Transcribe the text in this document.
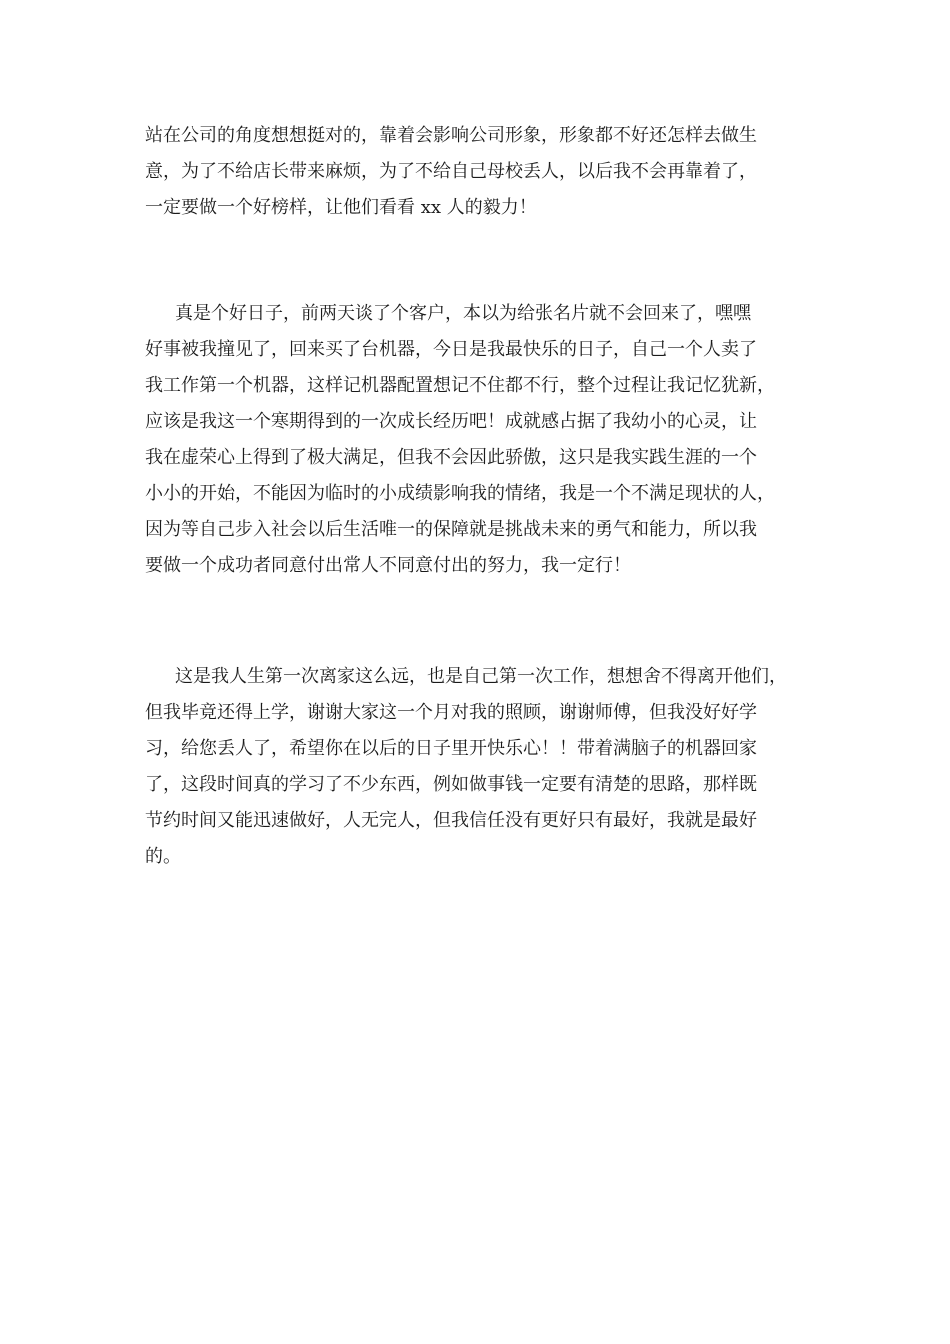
站在公司的角度想想挺对的，靠着会影响公司形象，形象都不好还怎样去做生
意，为了不给店长带来麻烦，为了不给自己母校丢人，以后我不会再靠着了，
一定要做一个好榜样，让他们看看 xx 人的毅力！
真是个好日子，前两天谈了个客户，本以为给张名片就不会回来了，嘿嘿
好事被我撞见了，回来买了台机器，今日是我最快乐的日子，自己一个人卖了
我工作第一个机器，这样记机器配置想记不住都不行，整个过程让我记忆犹新，
应该是我这一个寒期得到的一次成长经历吧！成就感占据了我幼小的心灵，让
我在虚荣心上得到了极大满足，但我不会因此骄傲，这只是我实践生涯的一个
小小的开始，不能因为临时的小成绩影响我的情绪，我是一个不满足现状的人，
因为等自己步入社会以后生活唯一的保障就是挑战未来的勇气和能力，所以我
要做一个成功者同意付出常人不同意付出的努力，我一定行！
这是我人生第一次离家这么远，也是自己第一次工作，想想舍不得离开他们，
但我毕竟还得上学，谢谢大家这一个月对我的照顾，谢谢师傅，但我没好好学
习，给您丢人了，希望你在以后的日子里开快乐心！！带着满脑子的机器回家
了，这段时间真的学习了不少东西，例如做事钱一定要有清楚的思路，那样既
节约时间又能迅速做好，人无完人，但我信任没有更好只有最好，我就是最好
的。
